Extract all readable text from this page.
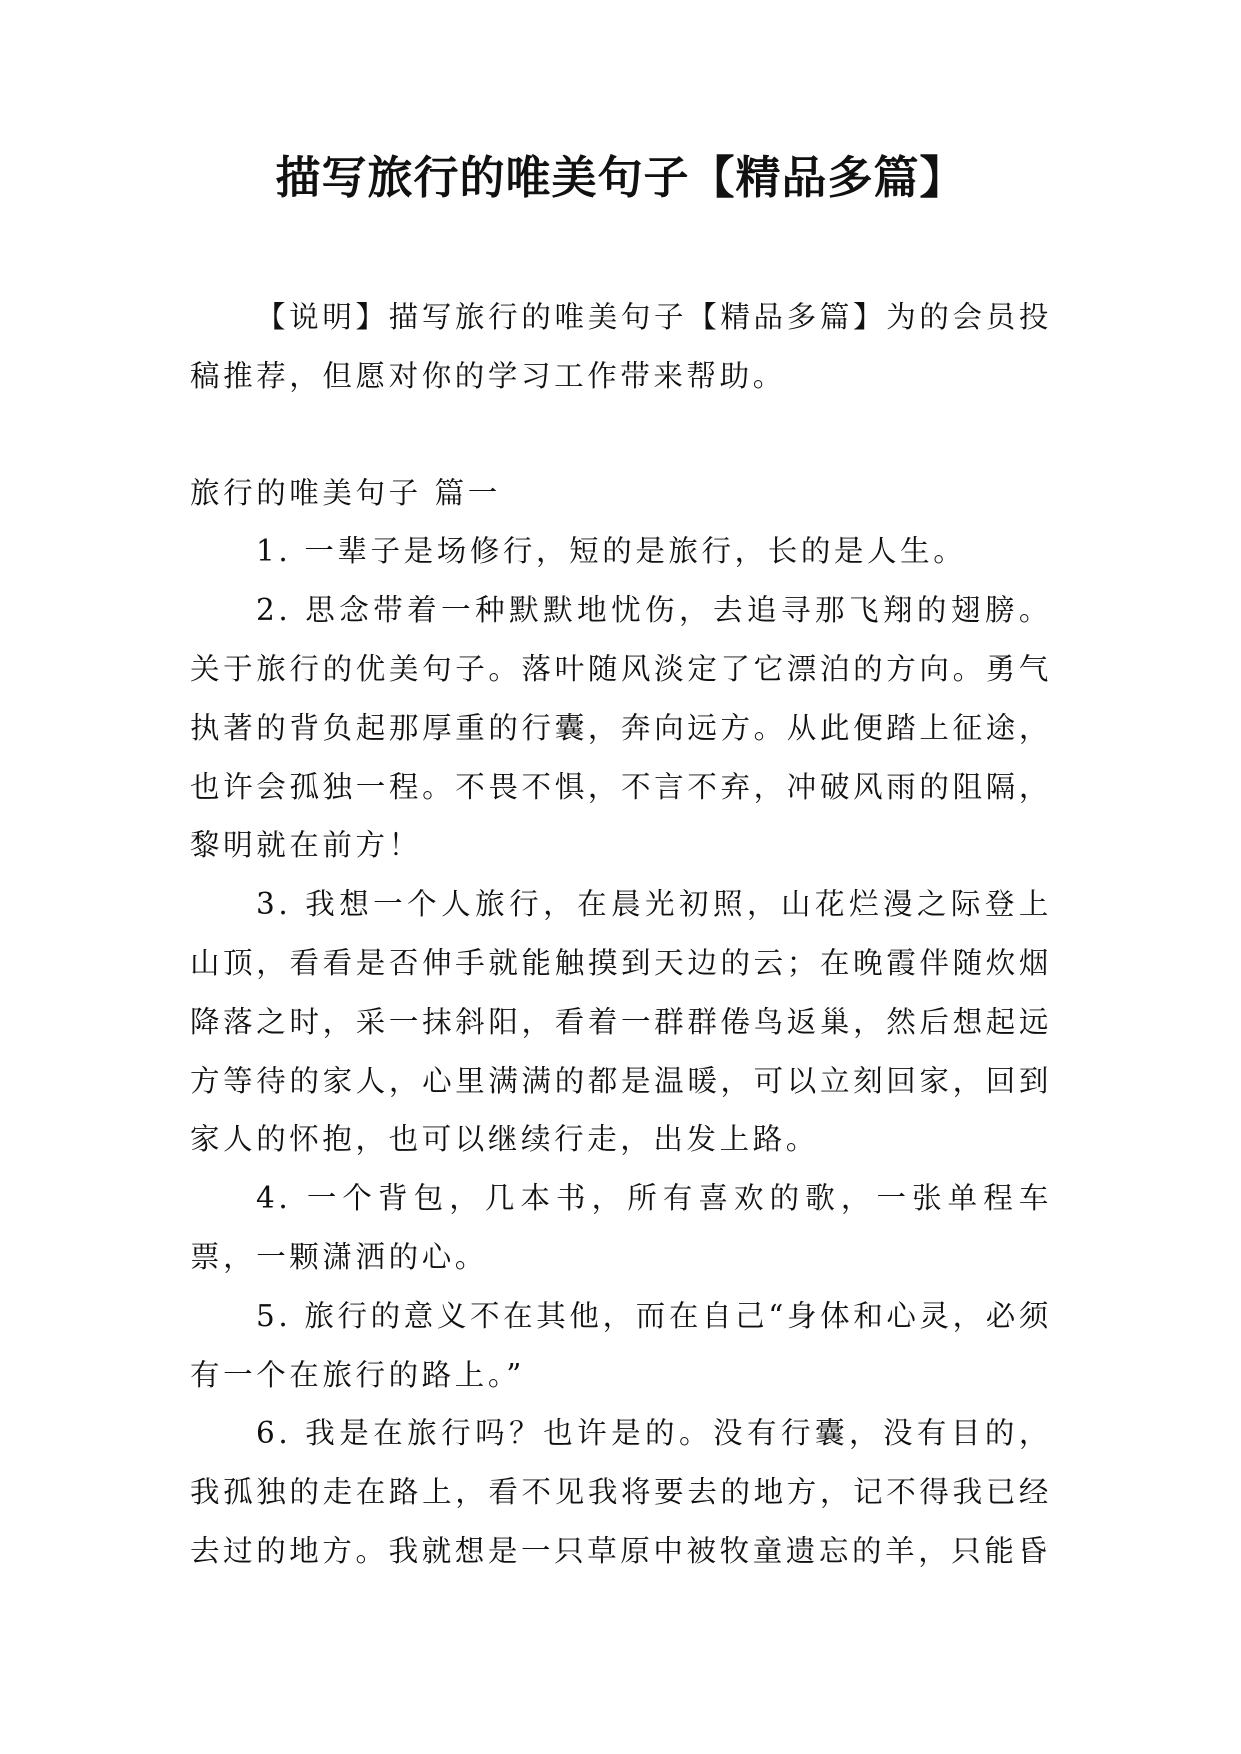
描写旅行的唯美句子【精品多篇】

【说明】描写旅行的唯美句子【精品多篇】为的会员投稿推荐，但愿对你的学习工作带来帮助。

旅行的唯美句子 篇一

1. 一辈子是场修行，短的是旅行，长的是人生。

2. 思念带着一种默默地忧伤，去追寻那飞翔的翅膀。关于旅行的优美句子。落叶随风淡定了它漂泊的方向。勇气执著的背负起那厚重的行囊，奔向远方。从此便踏上征途，也许会孤独一程。不畏不惧，不言不弃，冲破风雨的阻隔，黎明就在前方！

3. 我想一个人旅行，在晨光初照，山花烂漫之际登上山顶，看看是否伸手就能触摸到天边的云；在晚霞伴随炊烟降落之时，采一抹斜阳，看着一群群倦鸟返巢，然后想起远方等待的家人，心里满满的都是温暖，可以立刻回家，回到家人的怀抱，也可以继续行走，出发上路。

4. 一个背包，几本书，所有喜欢的歌，一张单程车票，一颗潇洒的心。

5. 旅行的意义不在其他，而在自己“身体和心灵，必须有一个在旅行的路上。”

6. 我是在旅行吗？也许是的。没有行囊，没有目的，我孤独的走在路上，看不见我将要去的地方，记不得我已经去过的地方。我就想是一只草原中被牧童遗忘的羊，只能昏
